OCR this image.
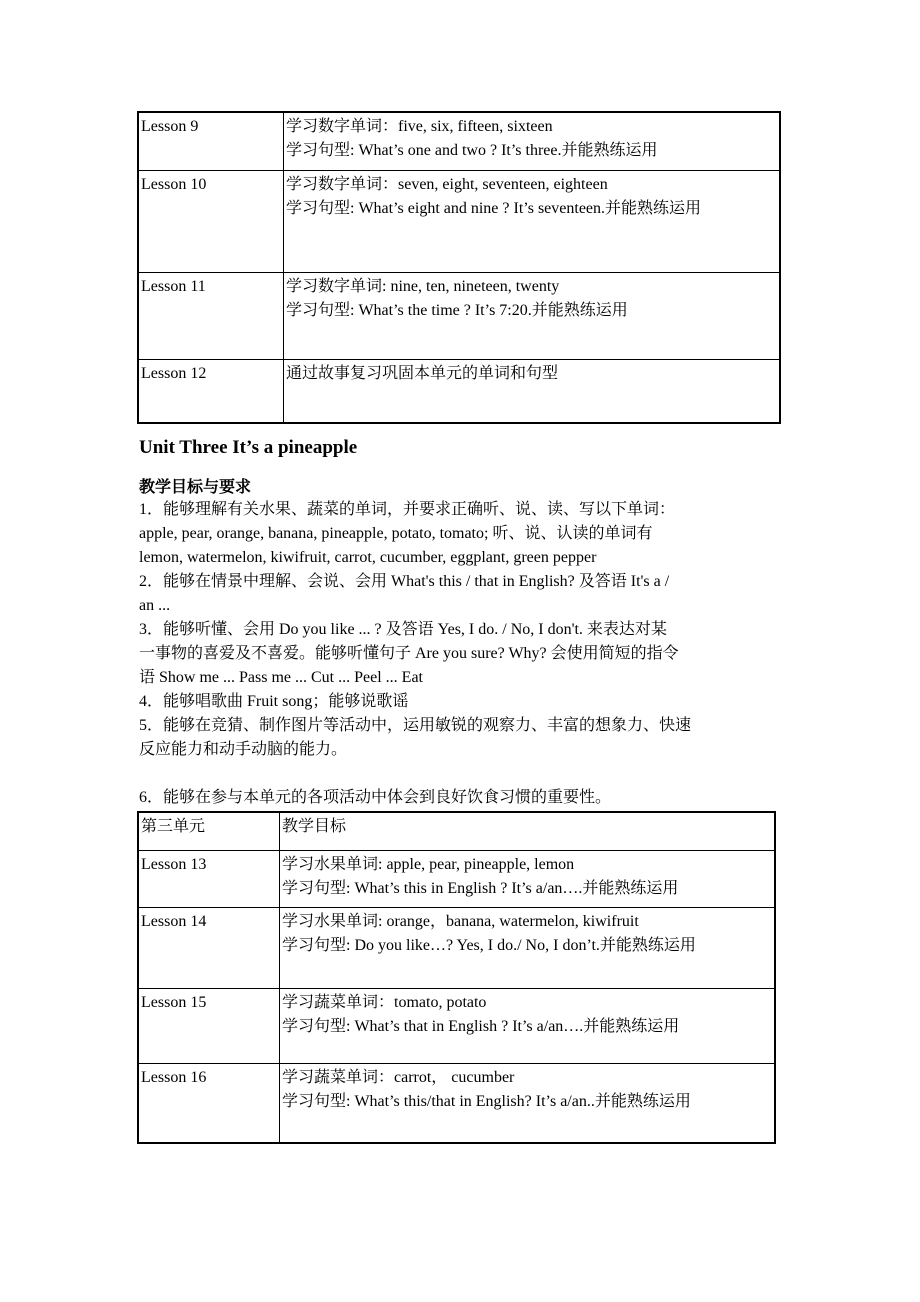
Lesson 9	学习数字单词：five, six, fifteen, sixteen
学习句型: What’s one and two ? It’s three.并能熟练运用

Lesson 10	学习数字单词：seven, eight, seventeen, eighteen
学习句型: What’s eight and nine ? It’s seventeen.并能熟练运用

Lesson 11	学习数字单词: nine, ten, nineteen, twenty
学习句型: What’s the time ? It’s 7:20.并能熟练运用

Lesson 12	通过故事复习巩固本单元的单词和句型
Unit Three It’s a pineapple
教学目标与要求
1．能够理解有关水果、蔬菜的单词，并要求正确听、说、读、写以下单词：
apple, pear, orange, banana, pineapple, potato, tomato; 听、说、认读的单词有
lemon, watermelon, kiwifruit, carrot, cucumber, eggplant, green pepper
2．能够在情景中理解、会说、会用 What's this / that in English? 及答语 It's a /
an ...
3．能够听懂、会用 Do you like ... ? 及答语 Yes, I do. / No, I don't. 来表达对某
一事物的喜爱及不喜爱。能够听懂句子 Are you sure? Why? 会使用简短的指令
语 Show me ... Pass me ... Cut ... Peel ... Eat
4．能够唱歌曲 Fruit song；能够说歌谣
5．能够在竞猜、制作图片等活动中，运用敏锐的观察力、丰富的想象力、快速
反应能力和动手动脑的能力。
6．能够在参与本单元的各项活动中体会到良好饮食习惯的重要性。
第三单元	教学目标
Lesson 13	学习水果单词: apple, pear, pineapple, lemon
学习句型: What’s this in English ? It’s a/an….并能熟练运用

Lesson 14	学习水果单词: orange，banana, watermelon, kiwifruit
学习句型: Do you like…? Yes, I do./ No, I don’t.并能熟练运用

Lesson 15	学习蔬菜单词：tomato, potato
学习句型: What’s that in English ? It’s a/an….并能熟练运用

Lesson 16	学习蔬菜单词：carrot， cucumber
学习句型: What’s this/that in English? It’s a/an..并能熟练运用
